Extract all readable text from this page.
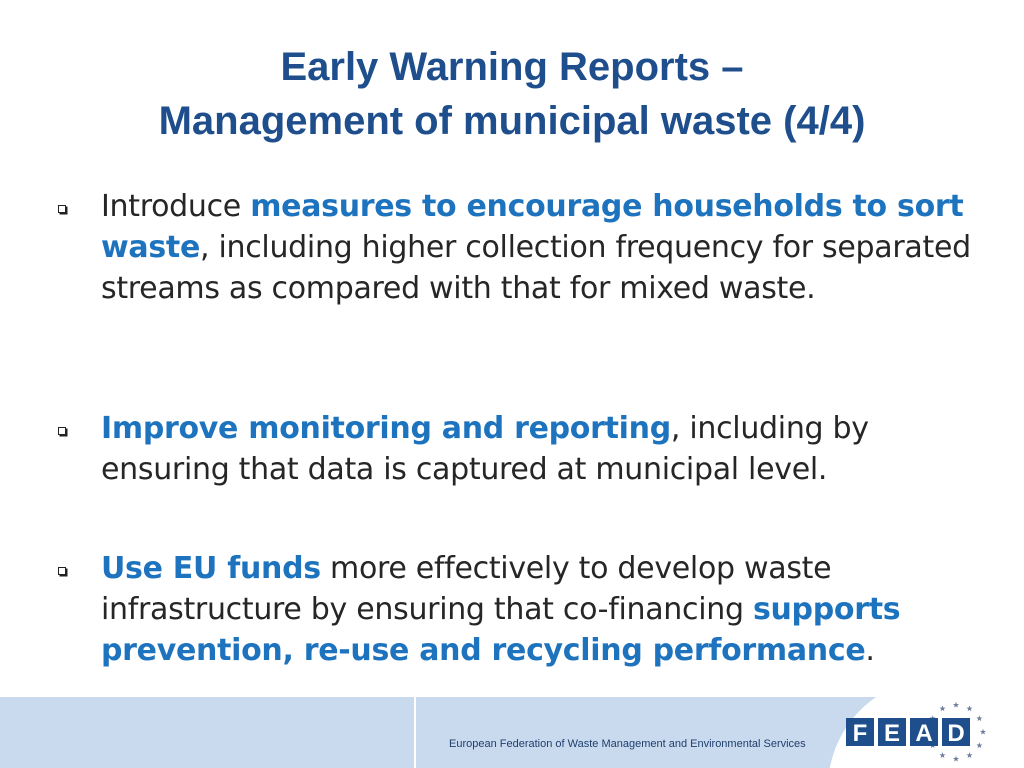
Early Warning Reports –
Management of municipal waste (4/4)
Introduce measures to encourage households to sort waste, including higher collection frequency for separated streams as compared with that for mixed waste.
Improve monitoring and reporting, including by ensuring that data is captured at municipal level.
Use EU funds more effectively to develop waste infrastructure by ensuring that co-financing supports prevention, re-use and recycling performance.
European Federation of Waste Management and Environmental Services	F E A D
